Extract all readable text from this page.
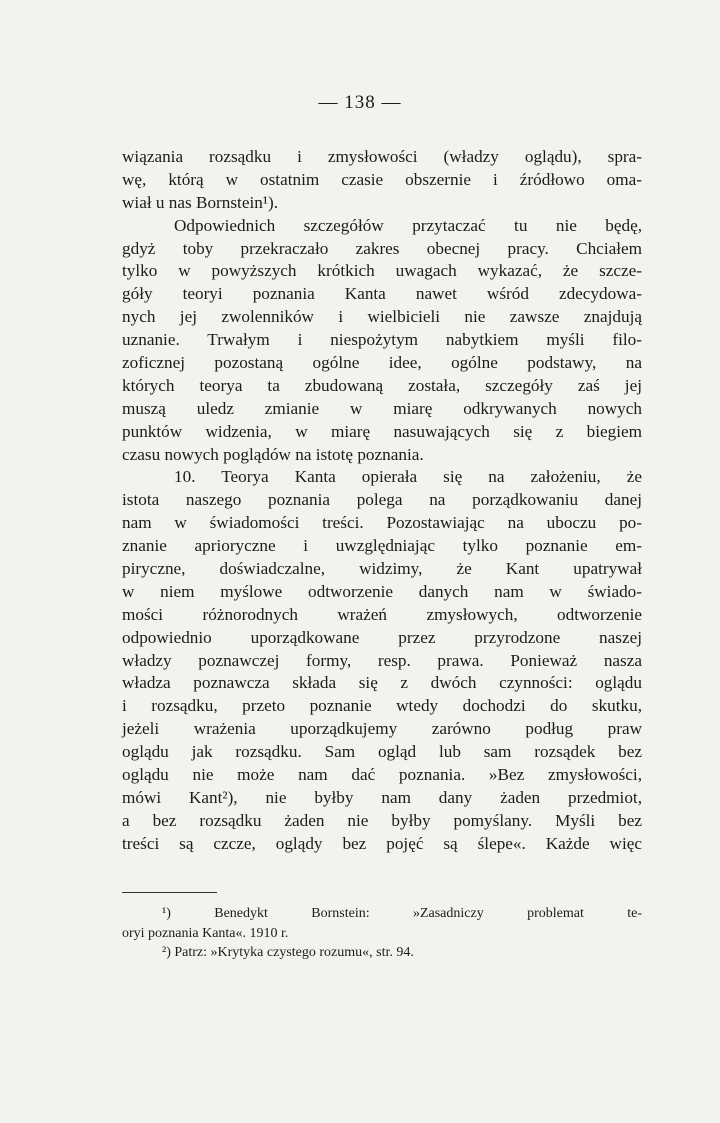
— 138 —
wiązania rozsądku i zmysłowości (władzy oglądu), spra-
wę, którą w ostatnim czasie obszernie i źródłowo oma-
wiał u nas Bornstein¹).
Odpowiednich szczegółów przytaczać tu nie będę,
gdyż toby przekraczało zakres obecnej pracy. Chciałem
tylko w powyższych krótkich uwagach wykazać, że szcze-
góły teoryi poznania Kanta nawet wśród zdecydowa-
nych jej zwolenników i wielbicieli nie zawsze znajdują
uznanie. Trwałym i niespożytym nabytkiem myśli filo-
zoficznej pozostaną ogólne idee, ogólne podstawy, na
których teorya ta zbudowaną została, szczegóły zaś jej
muszą uledz zmianie w miarę odkrywanych nowych
punktów widzenia, w miarę nasuwających się z biegiem
czasu nowych poglądów na istotę poznania.
10. Teorya Kanta opierała się na założeniu, że
istota naszego poznania polega na porządkowaniu danej
nam w świadomości treści. Pozostawiając na uboczu po-
znanie aprioryczne i uwzględniając tylko poznanie em-
piryczne, doświadczalne, widzimy, że Kant upatrywał
w niem myślowe odtworzenie danych nam w świado-
mości różnorodnych wrażeń zmysłowych, odtworzenie
odpowiednio uporządkowane przez przyrodzone naszej
władzy poznawczej formy, resp. prawa. Ponieważ nasza
władza poznawcza składa się z dwóch czynności: oglądu
i rozsądku, przeto poznanie wtedy dochodzi do skutku,
jeżeli wrażenia uporządkujemy zarówno podług praw
oglądu jak rozsądku. Sam ogląd lub sam rozsądek bez
oglądu nie może nam dać poznania. »Bez zmysłowości,
mówi Kant²), nie byłby nam dany żaden przedmiot,
a bez rozsądku żaden nie byłby pomyślany. Myśli bez
treści są czcze, oglądy bez pojęć są ślepe«. Każde więc
¹) Benedykt Bornstein: »Zasadniczy problemat te-
oryi poznania Kanta«. 1910 r.
²) Patrz: »Krytyka czystego rozumu«, str. 94.
